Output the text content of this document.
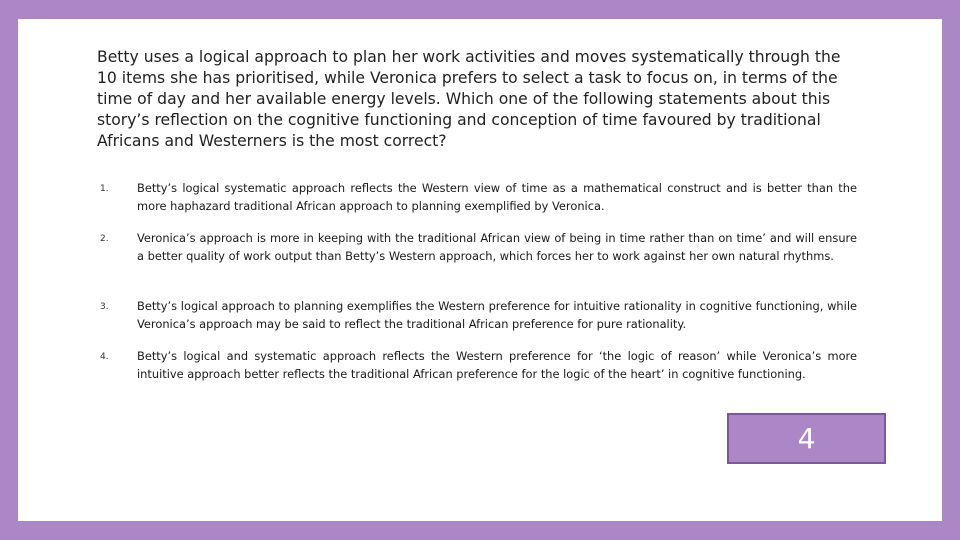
Betty uses a logical approach to plan her work activities and moves systematically through the 10 items she has prioritised, while Veronica prefers to select a task to focus on, in terms of the time of day and her available energy levels. Which one of the following statements about this story’s reflection on the cognitive functioning and conception of time favoured by traditional Africans and Westerners is the most correct?

1. Betty’s logical systematic approach reflects the Western view of time as a mathematical construct and is better than the more haphazard traditional African approach to planning exemplified by Veronica.
2. Veronica’s approach is more in keeping with the traditional African view of being in time rather than on time’ and will ensure a better quality of work output than Betty’s Western approach, which forces her to work against her own natural rhythms.
3. Betty’s logical approach to planning exemplifies the Western preference for intuitive rationality in cognitive functioning, while Veronica’s approach may be said to reflect the traditional African preference for pure rationality.
4. Betty’s logical and systematic approach reflects the Western preference for ‘the logic of reason’ while Veronica’s more intuitive approach better reflects the traditional African preference for the logic of the heart’ in cognitive functioning.
4
